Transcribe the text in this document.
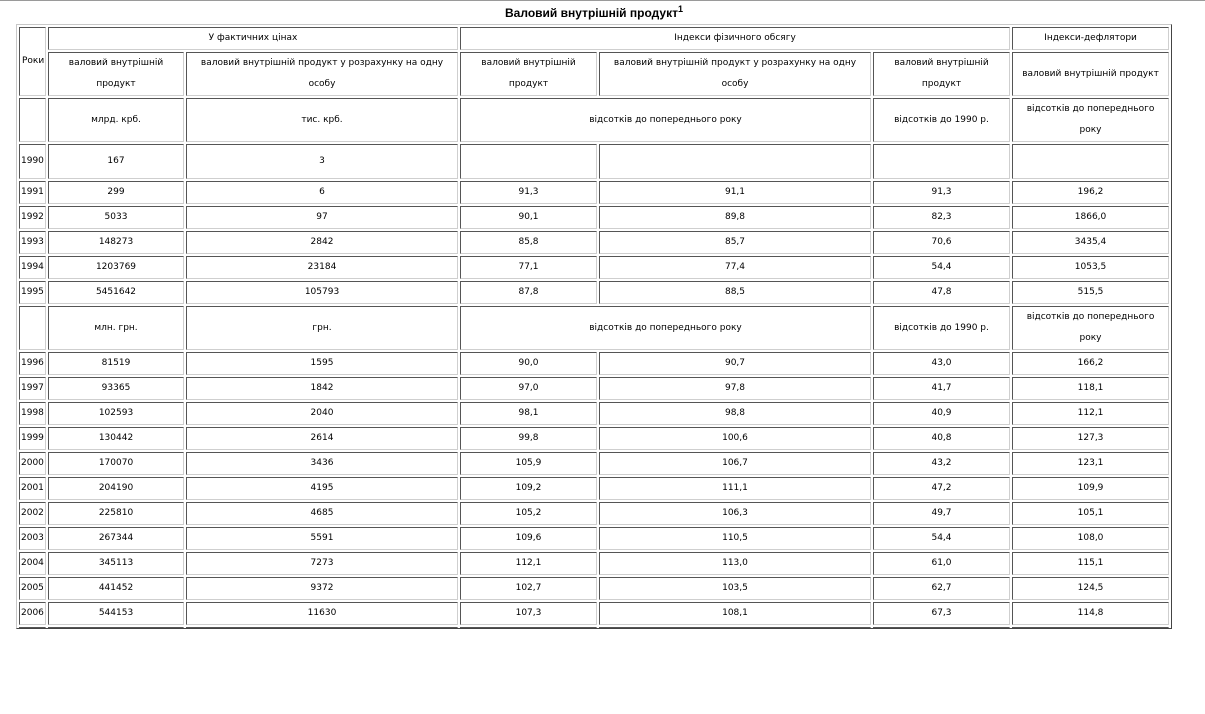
Валовий внутрішній продукт$^1$
Роки	У фактичних цінах		Індекси фізичного обсягу			Індекси-дефлятори
	валовий внутрішній продукт	валовий внутрішній продукт у розрахунку на одну особу	валовий внутрішній продукт	валовий внутрішній продукт у розрахунку на одну особу	валовий внутрішній продукт	валовий внутрішній продукт
	млрд. крб.	тис. крб.	відсотків до попереднього року		відсотків до 1990 р.	відсотків до попереднього року
1990	167	3				
1991	299	6	91,3	91,1	91,3	196,2
1992	5033	97	90,1	89,8	82,3	1866,0
1993	148273	2842	85,8	85,7	70,6	3435,4
1994	1203769	23184	77,1	77,4	54,4	1053,5
1995	5451642	105793	87,8	88,5	47,8	515,5
	млн. грн.	грн.	відсотків до попереднього року		відсотків до 1990 р.	відсотків до попереднього року
1996	81519	1595	90,0	90,7	43,0	166,2
1997	93365	1842	97,0	97,8	41,7	118,1
1998	102593	2040	98,1	98,8	40,9	112,1
1999	130442	2614	99,8	100,6	40,8	127,3
2000	170070	3436	105,9	106,7	43,2	123,1
2001	204190	4195	109,2	111,1	47,2	109,9
2002	225810	4685	105,2	106,3	49,7	105,1
2003	267344	5591	109,6	110,5	54,4	108,0
2004	345113	7273	112,1	113,0	61,0	115,1
2005	441452	9372	102,7	103,5	62,7	124,5
2006	544153	11630	107,3	108,1	67,3	114,8
